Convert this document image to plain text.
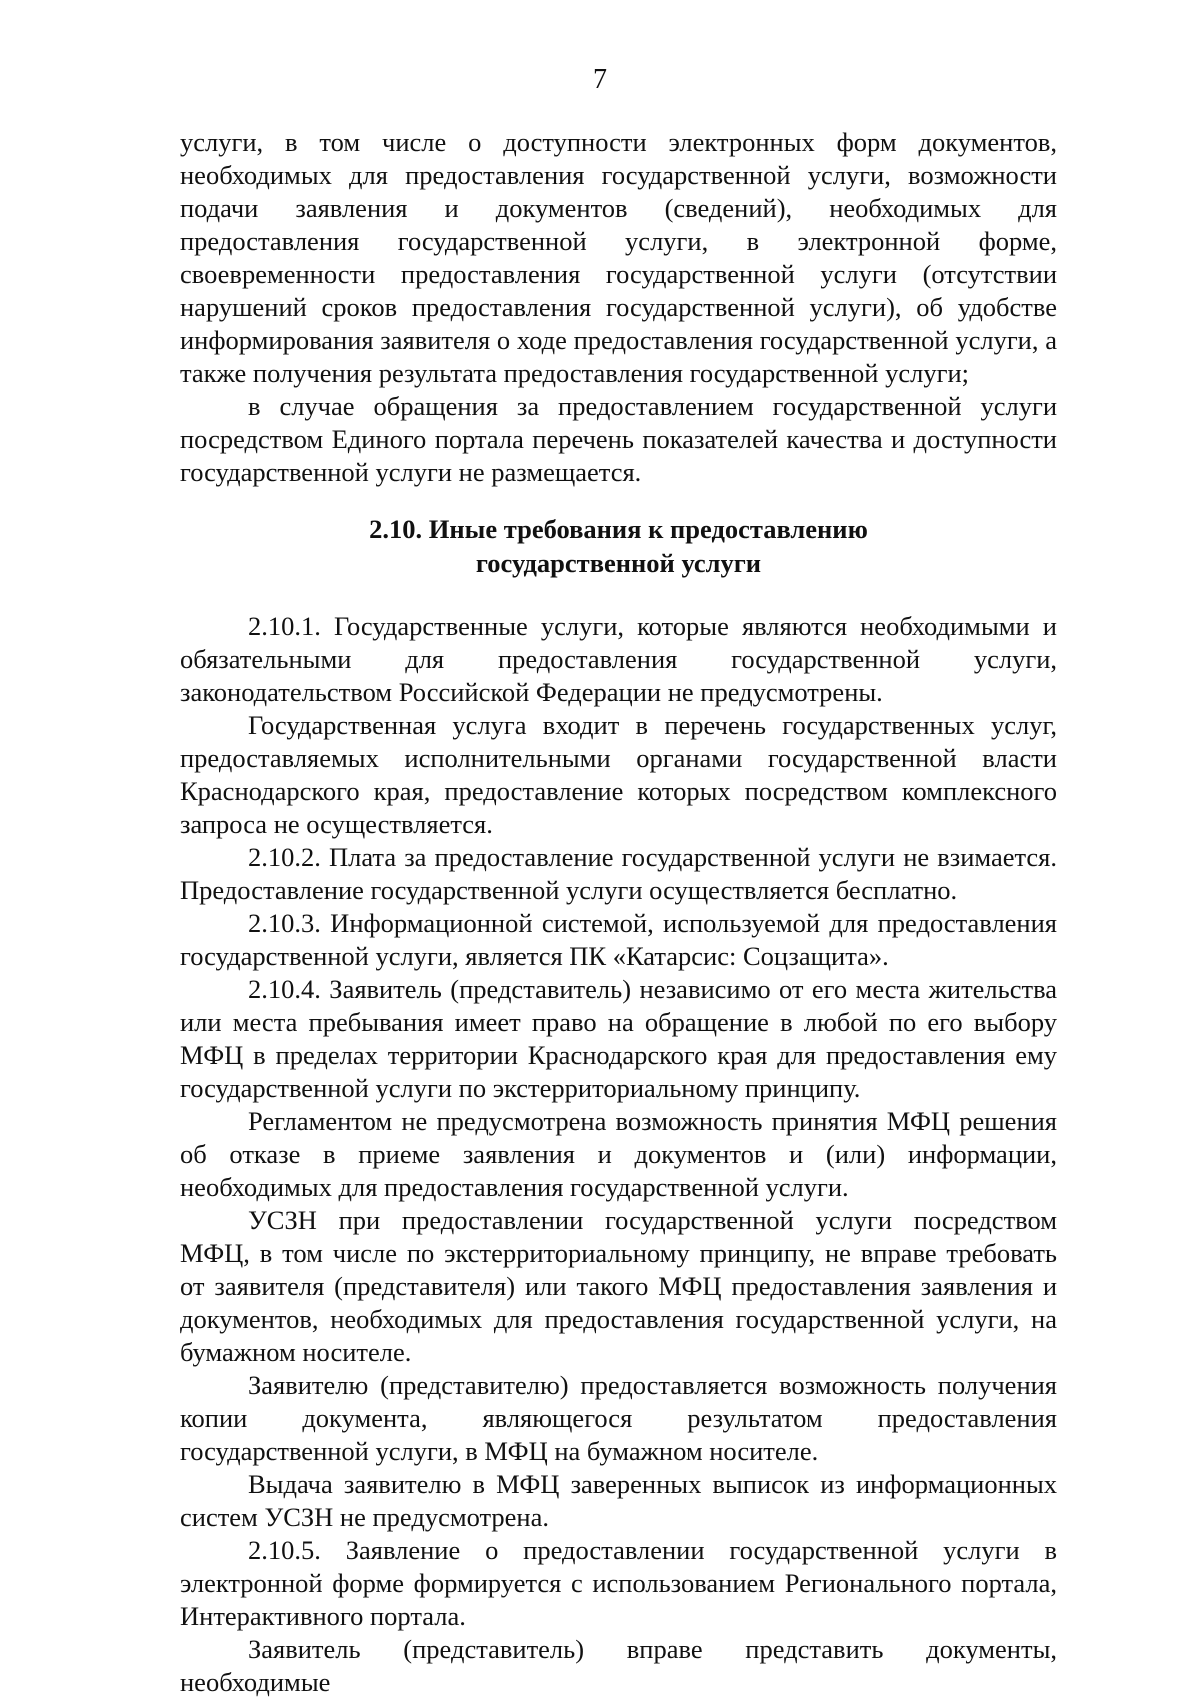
7

услуги, в том числе о доступности электронных форм документов, необходимых для предоставления государственной услуги, возможности подачи заявления и документов (сведений), необходимых для предоставления государственной услуги, в электронной форме, своевременности предоставления государственной услуги (отсутствии нарушений сроков предоставления государственной услуги), об удобстве информирования заявителя о ходе предоставления государственной услуги, а также получения результата предоставления государственной услуги;

в случае обращения за предоставлением государственной услуги посредством Единого портала перечень показателей качества и доступности государственной услуги не размещается.

2.10. Иные требования к предоставлению
государственной услуги

2.10.1. Государственные услуги, которые являются необходимыми и обязательными для предоставления государственной услуги, законодательством Российской Федерации не предусмотрены.

Государственная услуга входит в перечень государственных услуг, предоставляемых исполнительными органами государственной власти Краснодарского края, предоставление которых посредством комплексного запроса не осуществляется.

2.10.2. Плата за предоставление государственной услуги не взимается. Предоставление государственной услуги осуществляется бесплатно.

2.10.3. Информационной системой, используемой для предоставления государственной услуги, является ПК «Катарсис: Соцзащита».

2.10.4. Заявитель (представитель) независимо от его места жительства или места пребывания имеет право на обращение в любой по его выбору МФЦ в пределах территории Краснодарского края для предоставления ему государственной услуги по экстерриториальному принципу.

Регламентом не предусмотрена возможность принятия МФЦ решения об отказе в приеме заявления и документов и (или) информации, необходимых для предоставления государственной услуги.

УСЗН при предоставлении государственной услуги посредством МФЦ, в том числе по экстерриториальному принципу, не вправе требовать от заявителя (представителя) или такого МФЦ предоставления заявления и документов, необходимых для предоставления государственной услуги, на бумажном носителе.

Заявителю (представителю) предоставляется возможность получения копии документа, являющегося результатом предоставления государственной услуги, в МФЦ на бумажном носителе.

Выдача заявителю в МФЦ заверенных выписок из информационных систем УСЗН не предусмотрена.

2.10.5. Заявление о предоставлении государственной услуги в электронной форме формируется с использованием Регионального портала, Интерактивного портала.

Заявитель (представитель) вправе представить документы, необходимые
